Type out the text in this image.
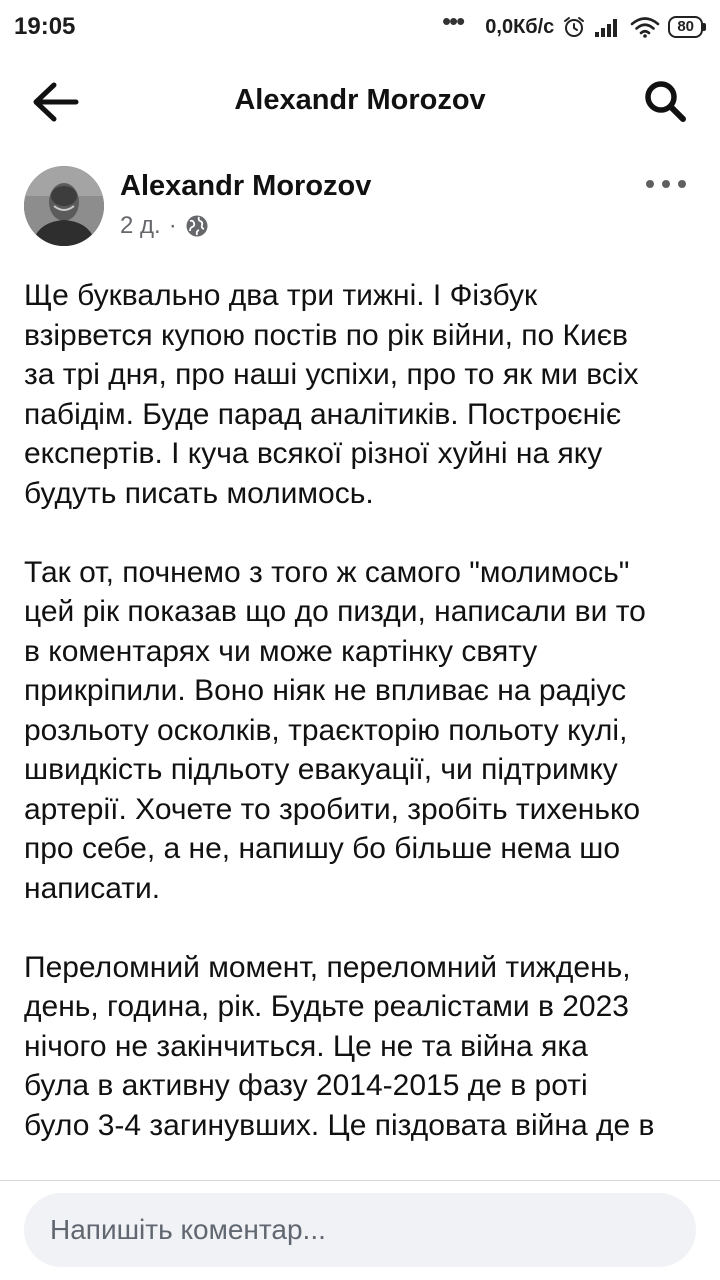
19:05	••• 0,0Кб/с	80
Alexandr Morozov
Alexandr Morozov
2 д. ·

Ще буквально два три тижні. І Фізбук
взірвется купою постів по рік війни, по Києв
за трі дня, про наші успіхи, про то як ми всіх
пабідім. Буде парад аналітиків. Построєніє
експертів. І куча всякої різної хуйні на яку
будуть писать молимось.

Так от, почнемо з того ж самого "молимось"
цей рік показав що до пизди, написали ви то
в коментарях чи може картінку святу
прикріпили. Воно ніяк не впливає на радіус
розльоту осколків, траєкторію польоту кулі,
швидкість підльоту евакуації, чи підтримку
артерії. Хочете то зробити, зробіть тихенько
про себе, а не, напишу бо більше нема шо
написати.

Переломний момент, переломний тиждень,
день, година, рік. Будьте реалістами в 2023
нічого не закінчиться. Це не та війна яка
була в активну фазу 2014-2015 де в роті
було 3-4 загинувших. Це піздовата війна де в

Напишіть коментар...
